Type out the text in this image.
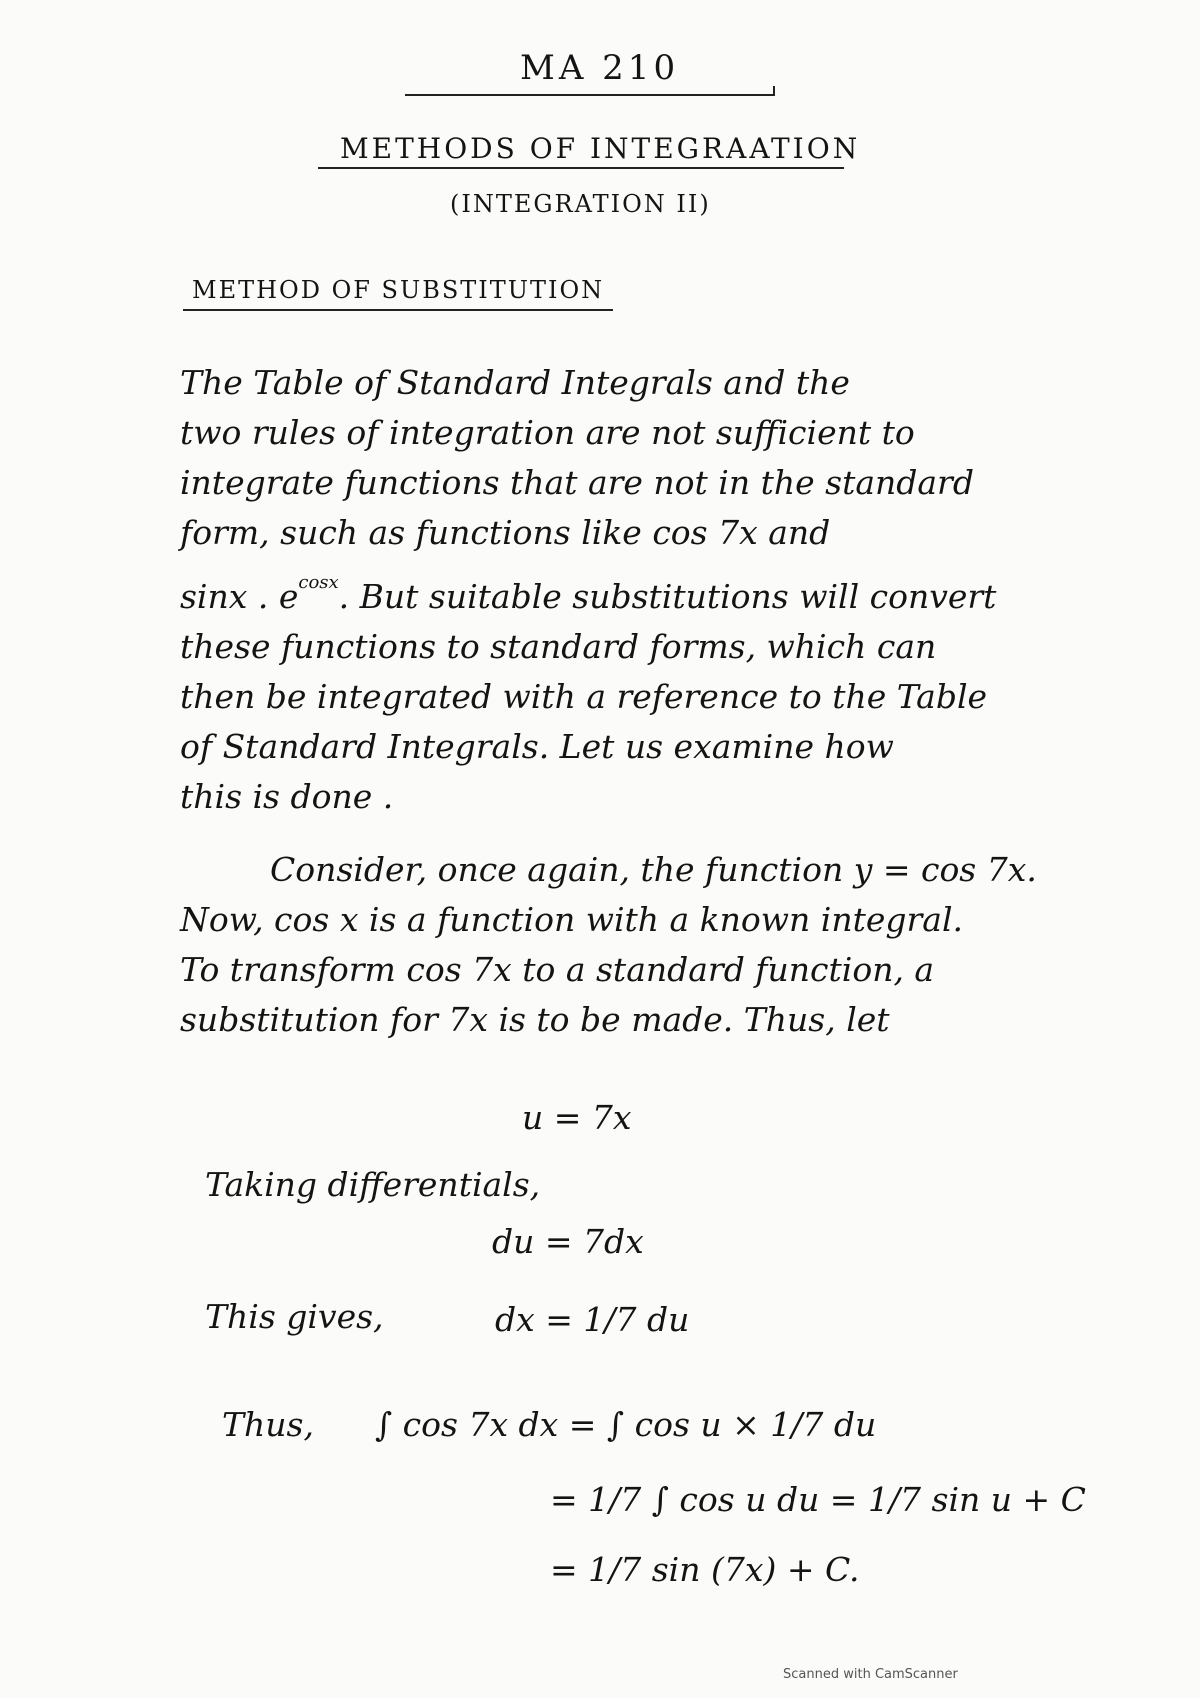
MA 210
METHODS OF INTEGRAATION
(INTEGRATION II)
METHOD OF SUBSTITUTION
The Table of Standard Integrals and the
two rules of integration are not sufficient to
integrate functions that are not in the standard
form, such as functions like cos 7x and
sinx . $e^{cosx}$. But suitable substitutions will convert
these functions to standard forms, which can
then be integrated with a reference to the Table
of Standard Integrals. Let us examine how
this is done .
Consider, once again, the function y = cos 7x.
Now, cos x is a function with a known integral.
To transform cos 7x to a standard function, a
substitution for 7x is to be made. Thus, let
u = 7x
Taking differentials,
du = 7dx
This gives,	dx = 1/7 du
Thus, ∫ cos 7x dx = ∫ cos u × 1/7 du
= 1/7 ∫ cos u du = 1/7 sin u + C
= 1/7 sin (7x) + C.
Scanned with CamScanner
